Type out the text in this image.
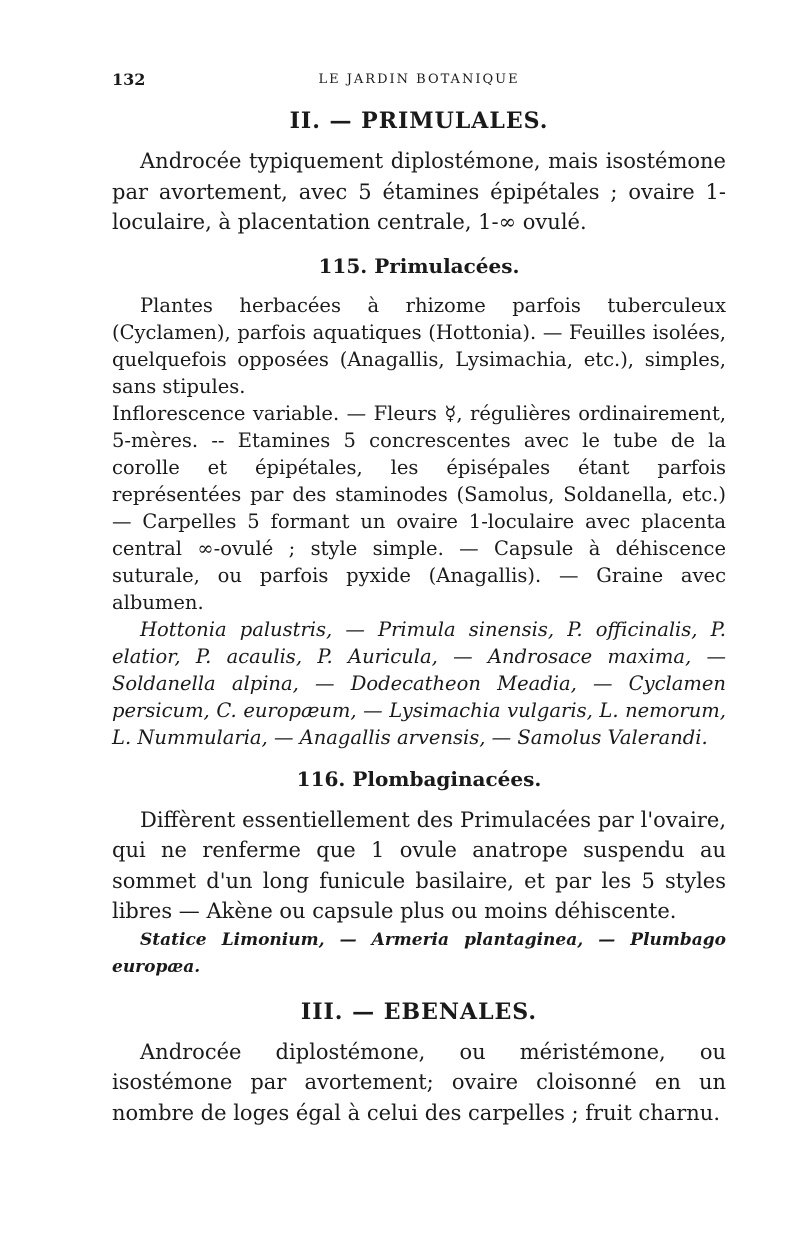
132	LE JARDIN BOTANIQUE
II. — PRIMULALES.

Androcée typiquement diplostémone, mais isostémone par avortement, avec 5 étamines épipétales ; ovaire 1-loculaire, à placentation centrale, 1-∞ ovulé.

115. Primulacées.

Plantes herbacées à rhizome parfois tuberculeux (Cyclamen), parfois aquatiques (Hottonia). — Feuilles isolées, quelquefois opposées (Anagallis, Lysimachia, etc.), simples, sans stipules.

Inflorescence variable. — Fleurs ☿, régulières ordinairement, 5-mères. -- Etamines 5 concrescentes avec le tube de la corolle et épipétales, les épisépales étant parfois représentées par des staminodes (Samolus, Soldanella, etc.) — Carpelles 5 formant un ovaire 1-loculaire avec placenta central ∞-ovulé ; style simple. — Capsule à déhiscence suturale, ou parfois pyxide (Anagallis). — Graine avec albumen.

Hottonia palustris, — Primula sinensis, P. officinalis, P. elatior, P. acaulis, P. Auricula, — Androsace maxima, — Soldanella alpina, — Dodecatheon Meadia, — Cyclamen persicum, C. europæum, — Lysimachia vulgaris, L. nemorum, L. Nummularia, — Anagallis arvensis, — Samolus Valerandi.

116. Plombaginacées.

Diffèrent essentiellement des Primulacées par l'ovaire, qui ne renferme que 1 ovule anatrope suspendu au sommet d'un long funicule basilaire, et par les 5 styles libres — Akène ou capsule plus ou moins déhiscente.

Statice Limonium, — Armeria plantaginea, — Plumbago europæa.

III. — EBENALES.

Androcée diplostémone, ou méristémone, ou isostémone par avortement; ovaire cloisonné en un nombre de loges égal à celui des carpelles ; fruit charnu.
